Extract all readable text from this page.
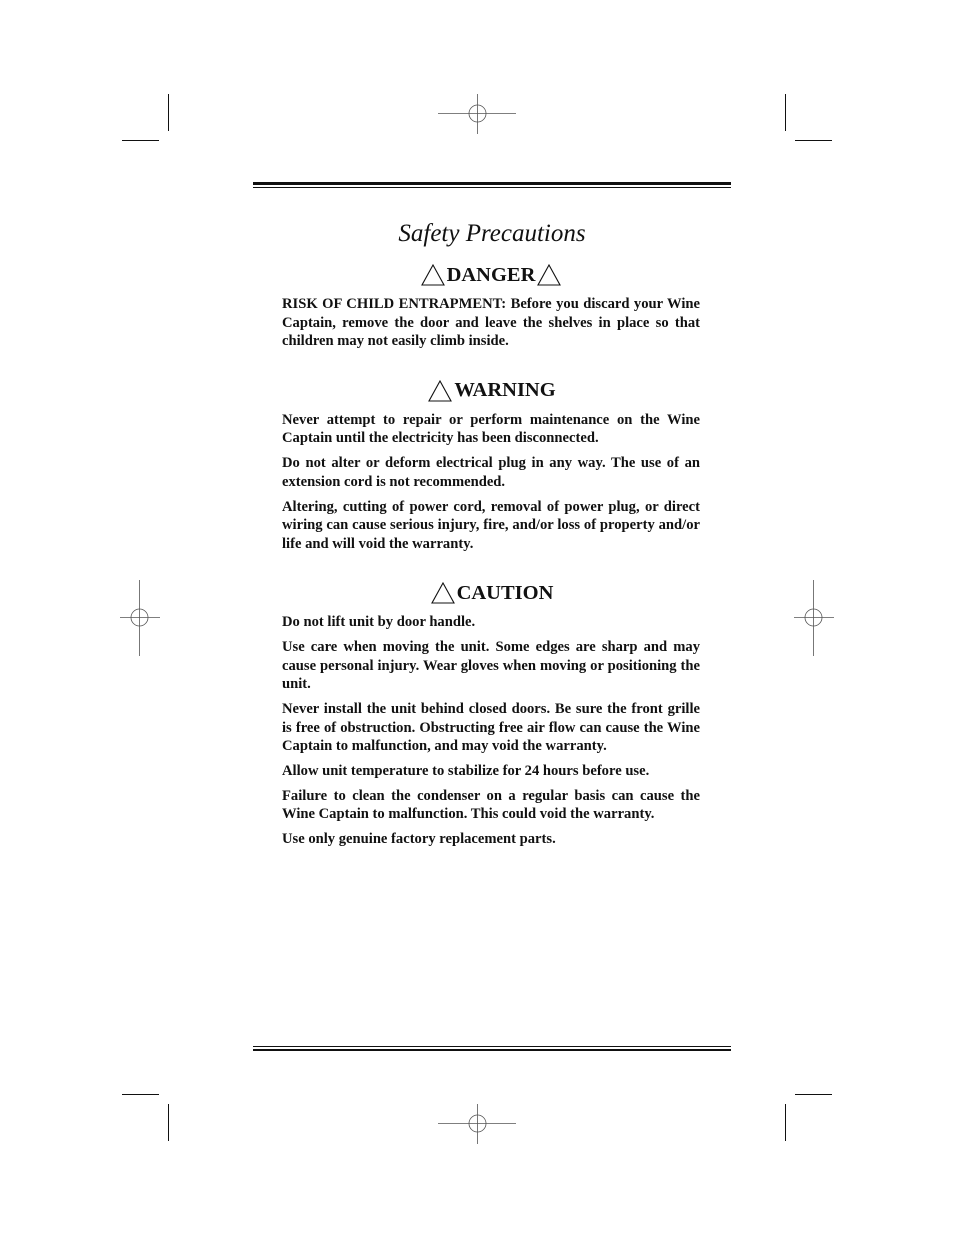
Safety Precautions
DANGER

RISK OF CHILD ENTRAPMENT: Before you discard your Wine Captain, remove the door and leave the shelves in place so that children may not easily climb inside.

WARNING

Never attempt to repair or perform maintenance on the Wine Captain until the electricity has been disconnected.

Do not alter or deform electrical plug in any way. The use of an extension cord is not recommended.

Altering, cutting of power cord, removal of power plug, or direct wiring can cause serious injury, fire, and/or loss of property and/or life and will void the warranty.

CAUTION

Do not lift unit by door handle.

Use care when moving the unit. Some edges are sharp and may cause personal injury. Wear gloves when moving or positioning the unit.

Never install the unit behind closed doors. Be sure the front grille is free of obstruction. Obstructing free air flow can cause the Wine Captain to malfunction, and may void the warranty.

Allow unit temperature to stabilize for 24 hours before use.

Failure to clean the condenser on a regular basis can cause the Wine Captain to malfunction. This could void the warranty.

Use only genuine factory replacement parts.
